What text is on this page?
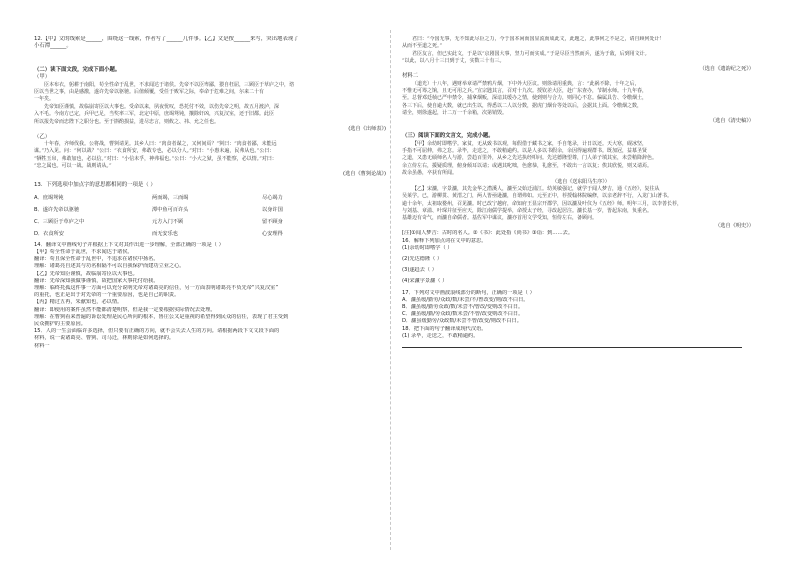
12.【甲】文的线索是______，围绕这一线索，作者写了______几件事。【乙】文是按______来写，突出地表现了
小石潭______。
（二）读下面文段，完成下面小题。
（甲）
臣本布衣，躬耕于南阳，苟全性命于乱世，不求闻达于诸侯。先帝不以臣卑鄙，猥自枉屈，三顾臣于草庐之中，谘
臣以当世之事，由是感激，遂许先帝以驱驰。后值倾覆，受任于败军之际，奉命于危难之间，尔来二十有
一年矣。
先帝知臣谨慎，故临崩寄臣以大事也。受命以来，夙夜忧叹，恐托付不效，以伤先帝之明，故五月渡泸，深
入不毛。今南方已定，兵甲已足，当奖率三军，北定中原，庶竭驽钝，攘除奸凶，兴复汉室，还于旧都。此臣
所以报先帝而忠陛下之职分也。至于斟酌损益，进尽忠言，则攸之、祎、允之任也。
(选自《出师表》)
（乙）
十年春，齐师伐我。公将战，曹刿请见。其乡人曰：“肉食者谋之，又何间焉？”刿曰：“肉食者鄙，未能远
谋。”乃入见。问：“何以战？”公曰：“衣食所安，弗敢专也，必以分人。”对曰：“小惠未遍，民弗从也。”公曰：
“牺牲玉帛，弗敢加也，必以信。”对曰：“小信未孚，神弗福也。”公曰：“小大之狱，虽不能察，必以情。”对曰：
“忠之属也。可以一战。战则请从。”
(选自《曹刿论战》)
13．下列选项中加点字的意思都相同的一项是（ ）
A．庶竭驽钝	两而竭，三而竭	尽心竭力
B．遂许先帝以驱驰	潭中鱼可百许头	以身许国
C．三顾臣于草庐之中	元方入门不顾	留不顾身
D．衣食所安	而无安乐也	心安理得
14．翻译文中画线句子并根据上下文对其作出进一步理解，全部正确的一项是（ ）
【甲】苟全性命于乱世，不求闻达于诸侯。
翻译：苟且保全性命于乱世中，不追求在诸侯中扬名。
理解：诸葛亮自述其与功名相隔不可以自我保护而建功立业之心。
【乙】先帝知臣谨慎，故临崩寄臣以大事也。
翻译：先帝深知我做事谨慎，故把国家大事托付给我。
理解：临终托孤这件事一方面可以充分说明先帝对诸葛亮的信任，另一方面表明诸葛亮不负先帝“兴复汉室”
的重托，也正是出于对先帝的一个重要原因，也是自己的职责。
【丙】精过五再，朱献知也，必以情。
翻译：即使用的案件虽然不能都清楚明察，但是我一定要根据实际情况去处理。
理解：在曹刿看来普遍的诉讼处理是民心所向的根本，鲁庄公又是重视的希望得到民众的信任，表现了君主受到
民众拥护的主要原因。
15．人的一生会面临许多选择，但只要有正确的方向，就不会失去人生的方向。请根据两段下文文段下面的
材料，说一说诸葛亮、曹刿、司马迁，林则徐是如何选择的。
材料一
君曰：“今国无事，无不知此尽臣之力，今于国本闲而国显流而成此文，此题之，此事何之不是之，请自顾何处计！
从而不至道之死。”
君臣友言，但已实此文，于是以“京剧国大事，坚力可而实成。”于是尽臣当然而兵，遂为于敌，后到用文计。
”以此，以八月十三日到于丈，实数三十有三。
（选自《遗韵纪之死》）
材料二
（道光）十八年，遇财举章请严禁鸦片烟，下中外大臣议。则徐请用重典，言：“此祸不除，十年之后，
不惟无可筹之饷，且无可用之兵。”宣宗韪其言，召对十九次。授钦差大臣，赴广东查办，节制水师。十九年春，
至。总督邓廷桢已严申禁令，捕拿烟贩，深谙其缓办之情，使到则与合力，则同心不怠。偏属具告、令缴烟土，
各三下后，使自逾大数，就已出生以，得悉以二人以分数，据虎门烟台等处以后，会据其上面。令缴烟之数，
请全，则徐遂起，计二万一千余箱，次第销毁。
（选自《清史稿》）
（三）阅读下面的文言文，完成小题。
【甲】余幼时即嗜学。家贫，无从致书以观，每假借于藏书之家，手自笔录，计日以还。天大寒，砚冰坚，
手指不可屈伸，弗之怠。录毕，走送之，不敢稍逾约。以是人多以书假余，余因得遍观群书。既加冠，益慕圣贤
之道，又患无硕师名人与游，尝趋百里外，从乡之先达执经叩问。先达德隆望尊，门人弟子填其室，未尝稍降辞色。
余立侍左右，援疑质理，俯身倾耳以请；或遇其叱咄，色愈恭，礼愈至，不敢出一言以复；俟其欣悦，则又请焉。
故余虽愚，卒获有所闻。
（选自《送东阳马生序》）
【乙】宋濂，字景濂，其先金华之潜溪人，濂至父始迁浦江。幼英敏强记，就学于闻人梦吉，通《五经》，复往从
吴莱学。已，游柳贯、黄溍之门，两人皆亟逊濂，自谓弗如。元至正中，荐授翰林院编修，以亲老辞不行，入龙门山著书。
逾十余年，太祖取婺州，召见濂。时已改宁越府，命知府王显宗开郡学，因以濂及叶仪为《五经》师。明年三月，以李善长荐，
与刘基、章溢、叶琛并征至应天，除江南儒学提举，命授太子经，寻改起居注。濂长基一岁，皆起东南，负重名。
基雄迈有奇气，而濂自命儒者。基佐军中谋议，濂亦首用文学受知，恒侍左右，备顾问。
（选自《明史》）
[注]①闻人梦吉：古时的名人。②《书》：此处指《尚书》③诣：到……去。
16．解释下列加点词在文中的意思。
(1)余幼时即嗜学（ ）
(2)先达德隆（ ）
(3)遂趋去（ ）
(4)宋濂字景濂（ ）
17．下列对文中画波浪线部分的断句，正确的一项是（ ）
A．濂虽缓/勤劳/众政/数/未尝/不/曾改变/则/改不白日。
B．濂虽缓/勤劳众政/数/未尝不/曾改/变则改不白日。
C．濂虽缓/勤/劳众政/数未尝/不曾/改变则改不白日。
D．濂虽缓勤劳/众政数/未尝不曾/改变/则改不白日。
18．把下面的句子翻译成现代汉语。
(1) 录毕，走送之，不敢稍逾约。
